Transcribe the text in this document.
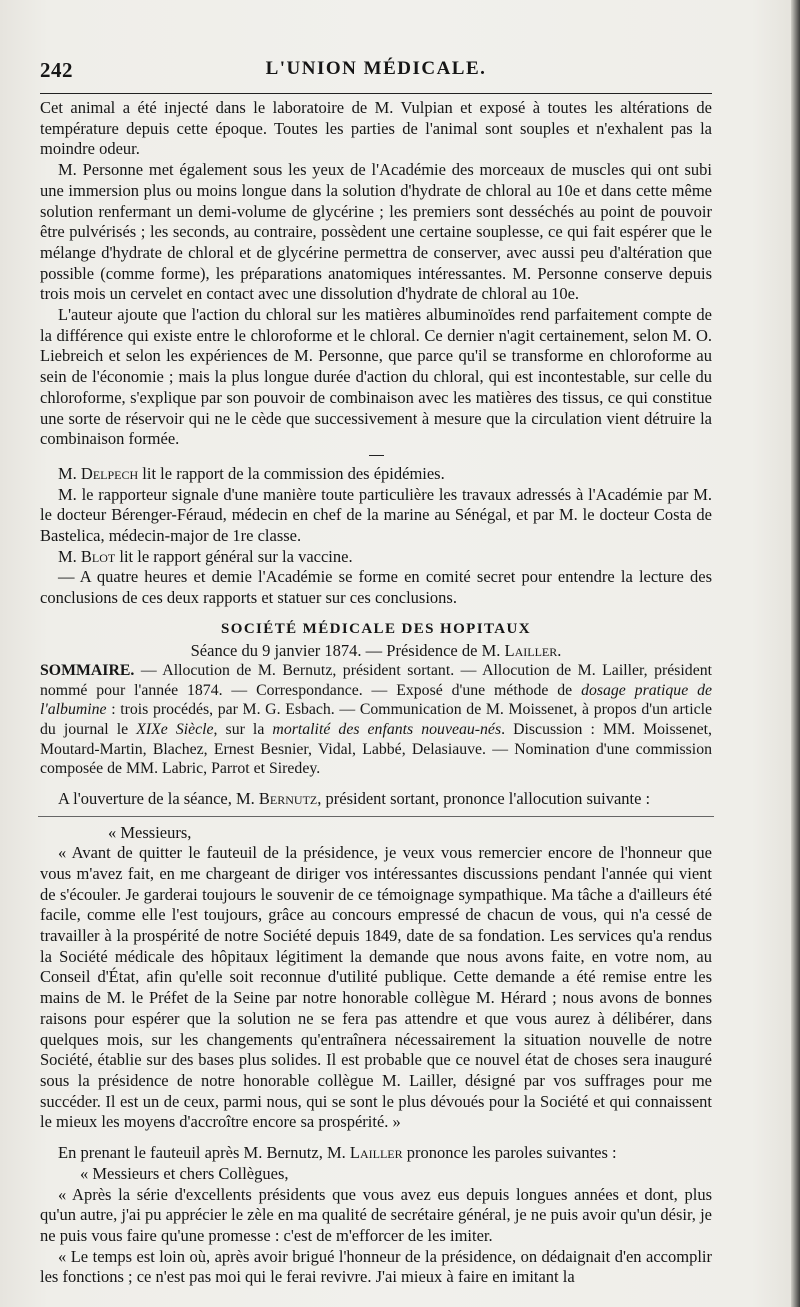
242	L'UNION MÉDICALE.

Cet animal a été injecté dans le laboratoire de M. Vulpian et exposé à toutes les altérations de température depuis cette époque. Toutes les parties de l'animal sont souples et n'exhalent pas la moindre odeur.

M. Personne met également sous les yeux de l'Académie des morceaux de muscles qui ont subi une immersion plus ou moins longue dans la solution d'hydrate de chloral au 10e et dans cette même solution renfermant un demi-volume de glycérine ; les premiers sont desséchés au point de pouvoir être pulvérisés ; les seconds, au contraire, possèdent une certaine souplesse, ce qui fait espérer que le mélange d'hydrate de chloral et de glycérine permettra de conserver, avec aussi peu d'altération que possible (comme forme), les préparations anatomiques intéressantes. M. Personne conserve depuis trois mois un cervelet en contact avec une dissolution d'hydrate de chloral au 10e.

L'auteur ajoute que l'action du chloral sur les matières albuminoïdes rend parfaitement compte de la différence qui existe entre le chloroforme et le chloral. Ce dernier n'agit certainement, selon M. O. Liebreich et selon les expériences de M. Personne, que parce qu'il se transforme en chloroforme au sein de l'économie ; mais la plus longue durée d'action du chloral, qui est incontestable, sur celle du chloroforme, s'explique par son pouvoir de combinaison avec les matières des tissus, ce qui constitue une sorte de réservoir qui ne le cède que successivement à mesure que la circulation vient détruire la combinaison formée.

M. Delpech lit le rapport de la commission des épidémies.

M. le rapporteur signale d'une manière toute particulière les travaux adressés à l'Académie par M. le docteur Bérenger-Féraud, médecin en chef de la marine au Sénégal, et par M. le docteur Costa de Bastelica, médecin-major de 1re classe.

M. Blot lit le rapport général sur la vaccine.

— A quatre heures et demie l'Académie se forme en comité secret pour entendre la lecture des conclusions de ces deux rapports et statuer sur ces conclusions.

SOCIÉTÉ MÉDICALE DES HOPITAUX
Séance du 9 janvier 1874. — Présidence de M. Lailler.

SOMMAIRE. — Allocution de M. Bernutz, président sortant. — Allocution de M. Lailler, président nommé pour l'année 1874. — Correspondance. — Exposé d'une méthode de dosage pratique de l'albumine : trois procédés, par M. G. Esbach. — Communication de M. Moissenet, à propos d'un article du journal le XIXe Siècle, sur la mortalité des enfants nouveau-nés. Discussion : MM. Moissenet, Moutard-Martin, Blachez, Ernest Besnier, Vidal, Labbé, Delasiauve. — Nomination d'une commission composée de MM. Labric, Parrot et Siredey.

A l'ouverture de la séance, M. Bernutz, président sortant, prononce l'allocution suivante :

« Messieurs,

« Avant de quitter le fauteuil de la présidence, je veux vous remercier encore de l'honneur que vous m'avez fait, en me chargeant de diriger vos intéressantes discussions pendant l'année qui vient de s'écouler. Je garderai toujours le souvenir de ce témoignage sympathique. Ma tâche a d'ailleurs été facile, comme elle l'est toujours, grâce au concours empressé de chacun de vous, qui n'a cessé de travailler à la prospérité de notre Société depuis 1849, date de sa fondation. Les services qu'a rendus la Société médicale des hôpitaux légitiment la demande que nous avons faite, en votre nom, au Conseil d'État, afin qu'elle soit reconnue d'utilité publique. Cette demande a été remise entre les mains de M. le Préfet de la Seine par notre honorable collègue M. Hérard ; nous avons de bonnes raisons pour espérer que la solution ne se fera pas attendre et que vous aurez à délibérer, dans quelques mois, sur les changements qu'entraînera nécessairement la situation nouvelle de notre Société, établie sur des bases plus solides. Il est probable que ce nouvel état de choses sera inauguré sous la présidence de notre honorable collègue M. Lailler, désigné par vos suffrages pour me succéder. Il est un de ceux, parmi nous, qui se sont le plus dévoués pour la Société et qui connaissent le mieux les moyens d'accroître encore sa prospérité. »

En prenant le fauteuil après M. Bernutz, M. Lailler prononce les paroles suivantes :

« Messieurs et chers Collègues,

« Après la série d'excellents présidents que vous avez eus depuis longues années et dont, plus qu'un autre, j'ai pu apprécier le zèle en ma qualité de secrétaire général, je ne puis avoir qu'un désir, je ne puis vous faire qu'une promesse : c'est de m'efforcer de les imiter.

« Le temps est loin où, après avoir brigué l'honneur de la présidence, on dédaignait d'en accomplir les fonctions ; ce n'est pas moi qui le ferai revivre. J'ai mieux à faire en imitant la
